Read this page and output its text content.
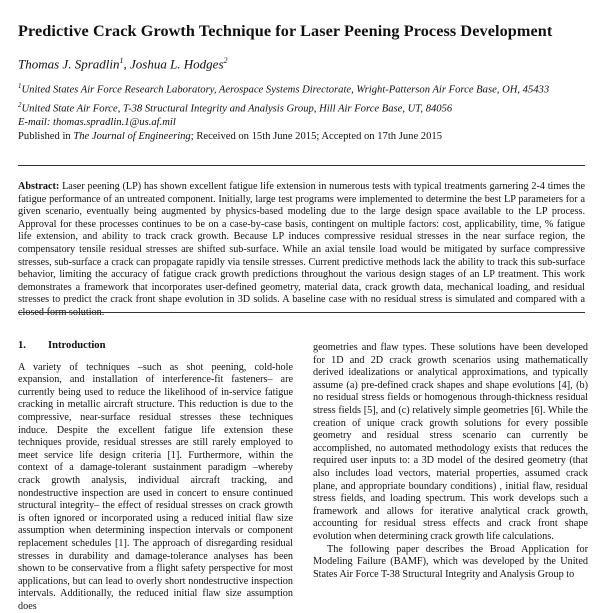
Predictive Crack Growth Technique for Laser Peening Process Development
Thomas J. Spradlin$^1$, Joshua L. Hodges$^2$
$^1$United States Air Force Research Laboratory, Aerospace Systems Directorate, Wright-Patterson Air Force Base, OH, 45433
$^2$United State Air Force, T-38 Structural Integrity and Analysis Group, Hill Air Force Base, UT, 84056
E-mail: thomas.spradlin.1@us.af.mil
Published in The Journal of Engineering; Received on 15th June 2015; Accepted on 17th June 2015

Abstract: Laser peening (LP) has shown excellent fatigue life extension in numerous tests with typical treatments garnering 2-4 times the fatigue performance of an untreated component. Initially, large test programs were implemented to determine the best LP parameters for a given scenario, eventually being augmented by physics-based modeling due to the large design space available to the LP process. Approval for these processes continues to be on a case-by-case basis, contingent on multiple factors: cost, applicability, time, % fatigue life extension, and ability to track crack growth. Because LP induces compressive residual stresses in the near surface region, the compensatory tensile residual stresses are shifted sub-surface. While an axial tensile load would be mitigated by surface compressive stresses, sub-surface a crack can propagate rapidly via tensile stresses. Current predictive methods lack the ability to track this sub-surface behavior, limiting the accuracy of fatigue crack growth predictions throughout the various design stages of an LP treatment. This work demonstrates a framework that incorporates user-defined geometry, material data, crack growth data, mechanical loading, and residual stresses to predict the crack front shape evolution in 3D solids. A baseline case with no residual stress is simulated and compared with a closed form solution.

1. Introduction

A variety of techniques –such as shot peening, cold-hole expansion, and installation of interference-fit fasteners– are currently being used to reduce the likelihood of in-service fatigue cracking in metallic aircraft structure. This reduction is due to the compressive, near-surface residual stresses these techniques induce. Despite the excellent fatigue life extension these techniques provide, residual stresses are still rarely employed to meet service life design criteria [1]. Furthermore, within the context of a damage-tolerant sustainment paradigm –whereby crack growth analysis, individual aircraft tracking, and nondestructive inspection are used in concert to ensure continued structural integrity– the effect of residual stresses on crack growth is often ignored or incorporated using a reduced initial flaw size assumption when determining inspection intervals or component replacement schedules [1]. The approach of disregarding residual stresses in durability and damage-tolerance analyses has been shown to be conservative from a flight safety perspective for most applications, but can lead to overly short nondestructive inspection intervals. Additionally, the reduced initial flaw size assumption does

geometries and flaw types. These solutions have been developed for 1D and 2D crack growth scenarios using mathematically derived idealizations or analytical approximations, and typically assume (a) pre-defined crack shapes and shape evolutions [4], (b) no residual stress fields or homogenous through-thickness residual stress fields [5], and (c) relatively simple geometries [6]. While the creation of unique crack growth solutions for every possible geometry and residual stress scenario can currently be accomplished, no automated methodology exists that reduces the required user inputs to: a 3D model of the desired geometry (that also includes load vectors, material properties, assumed crack plane, and appropriate boundary conditions) , initial flaw, residual stress fields, and loading spectrum. This work develops such a framework and allows for iterative analytical crack growth, accounting for residual stress effects and crack front shape evolution when determining crack growth life calculations.

The following paper describes the Broad Application for Modeling Failure (BAMF), which was developed by the United States Air Force T-38 Structural Integrity and Analysis Group to
